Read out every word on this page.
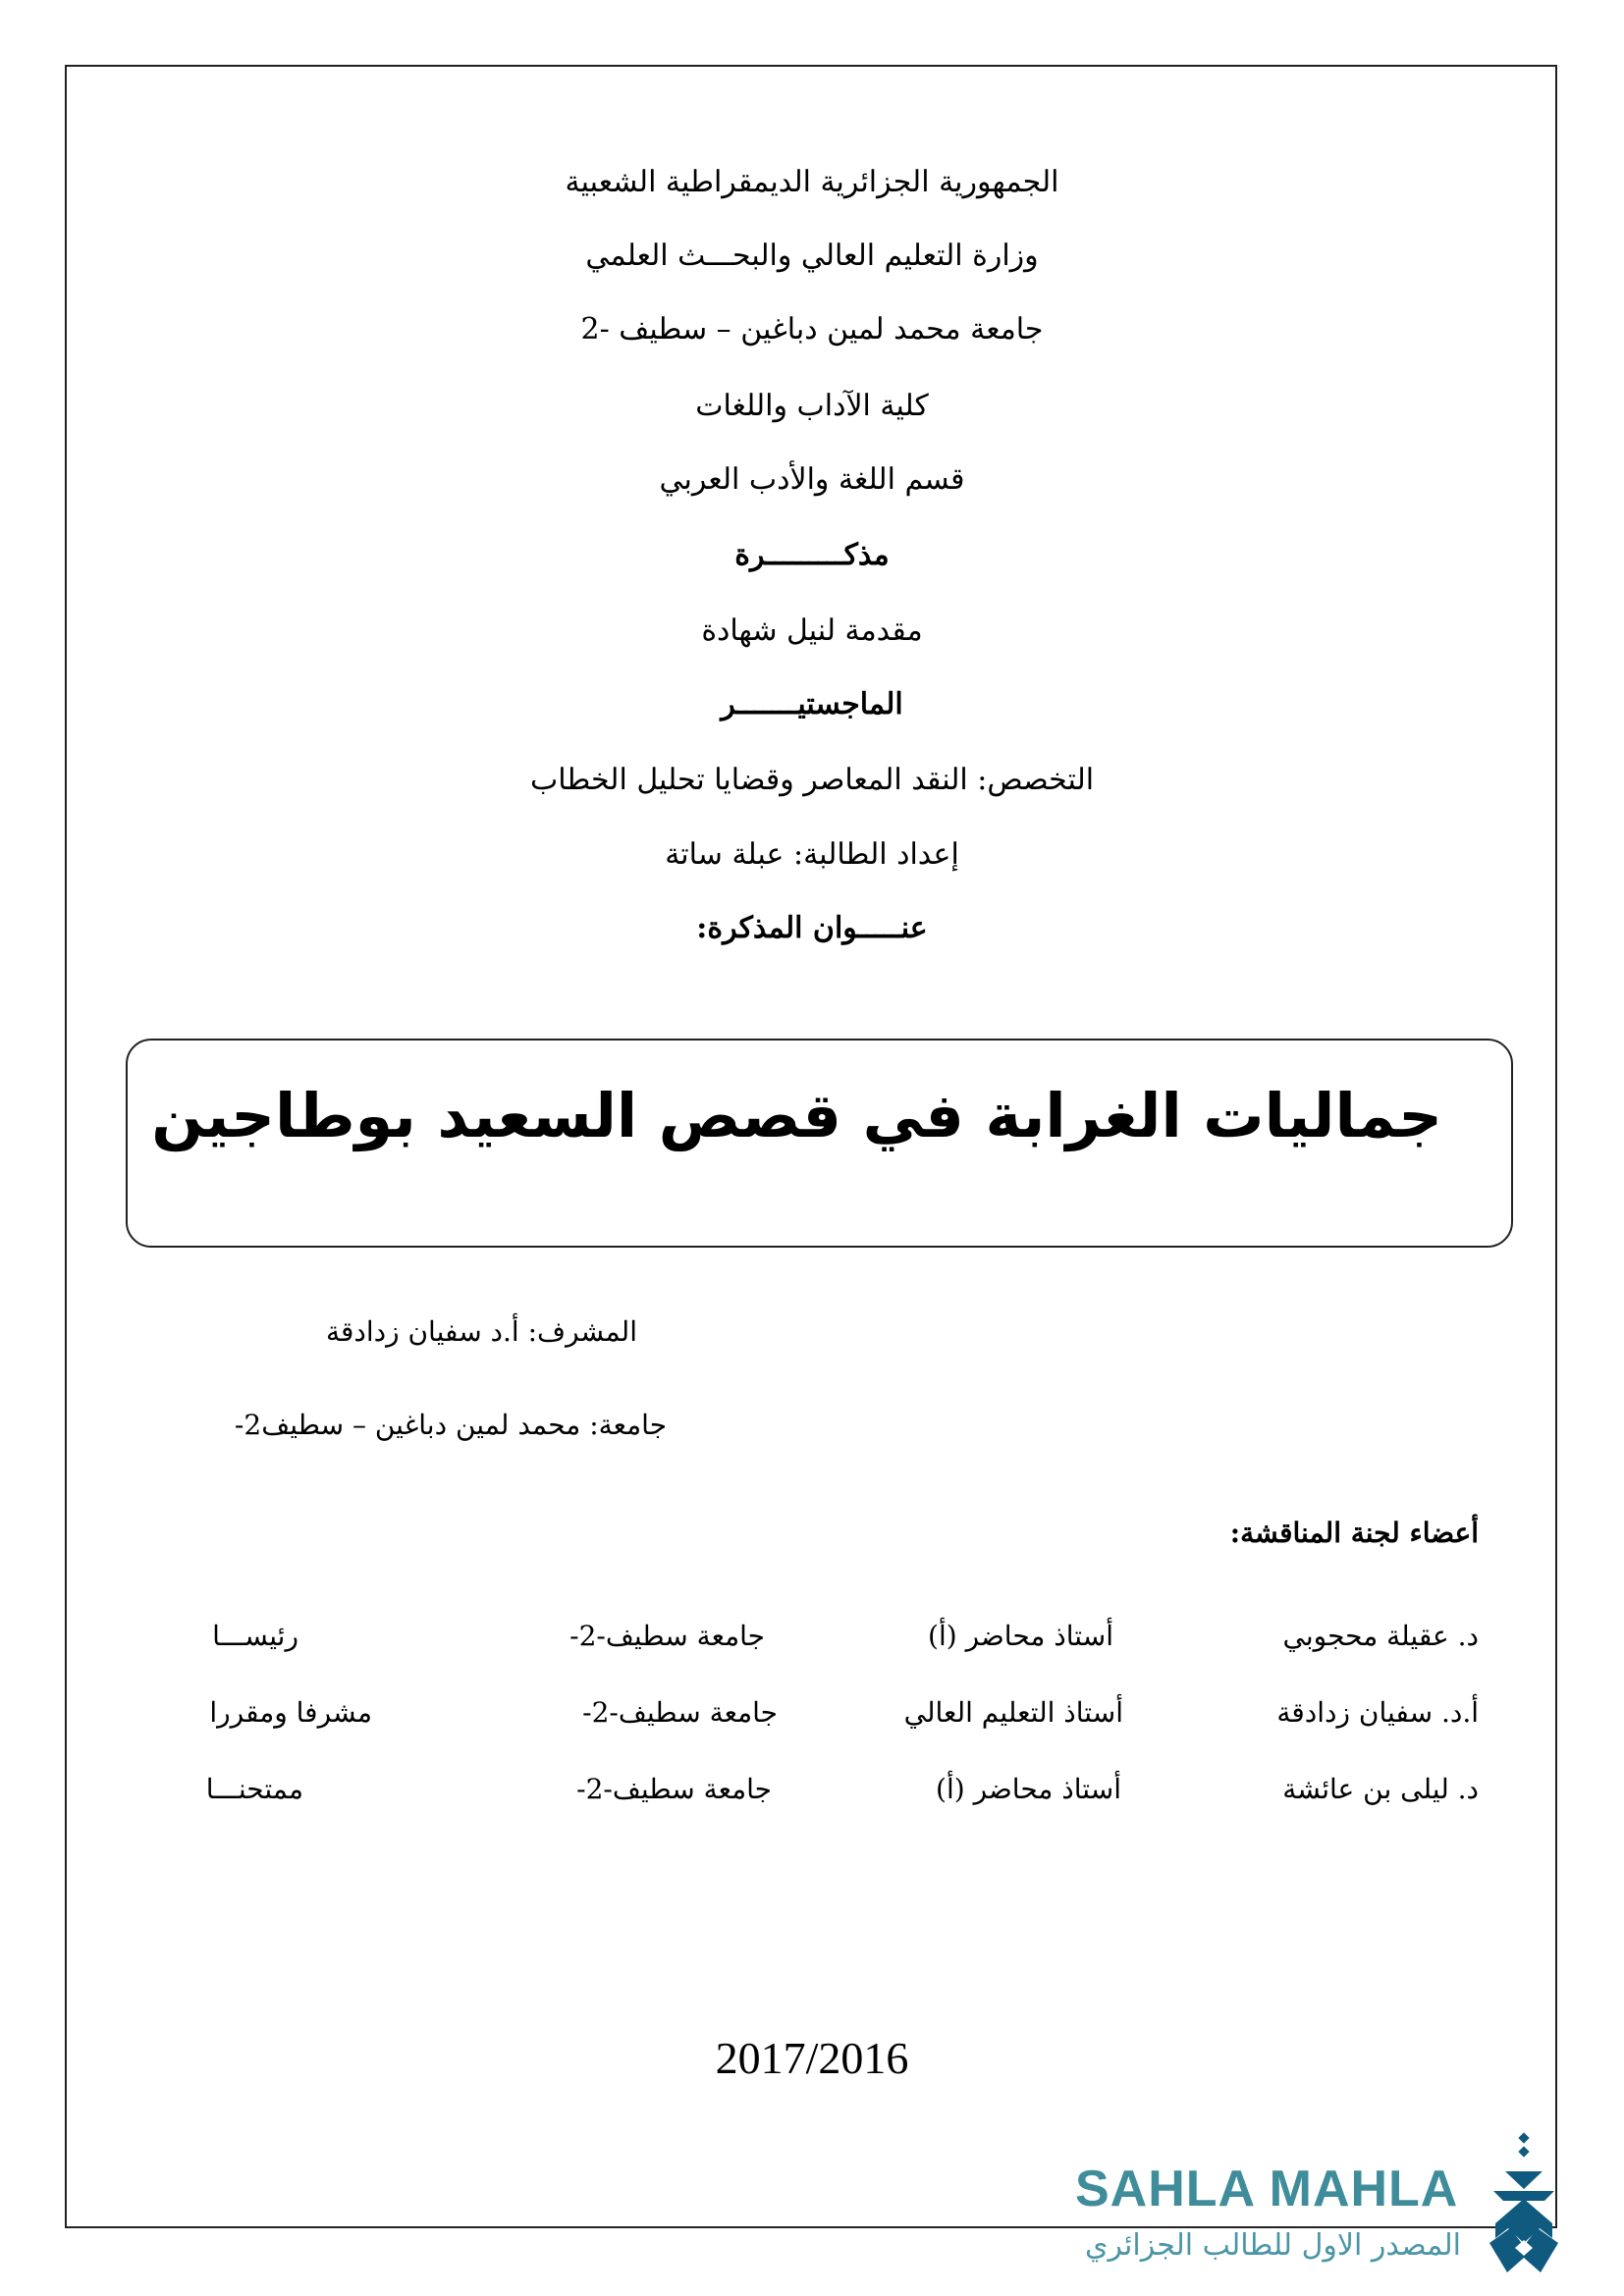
الجمهورية الجزائرية الديمقراطية الشعبية
وزارة التعليم العالي والبحـــث العلمي
جامعة محمد لمين دباغين – سطيف -2
كلية الآداب واللغات
قسم اللغة والأدب العربي
مذكـــــــــرة
مقدمة لنيل شهادة
الماجستيـــــــر
التخصص: النقد المعاصر وقضايا تحليل الخطاب
إعداد الطالبة: عبلة ساتة
عنـــــوان المذكرة:
جماليات الغرابة في قصص السعيد بوطاجين
المشرف: أ.د سفيان زدادقة
جامعة: محمد لمين دباغين – سطيف2-
أعضاء لجنة المناقشة:
د. عقيلة محجوبي
أستاذ محاضر (أ)
جامعة سطيف-2-
رئيســـا
أ.د. سفيان زدادقة
أستاذ التعليم العالي
جامعة سطيف-2-
مشرفا ومقررا
د. ليلى بن عائشة
أستاذ محاضر (أ)
جامعة سطيف-2-
ممتحنـــا
2017/2016
SAHLA MAHLA
المصدر الاول للطالب الجزائري
